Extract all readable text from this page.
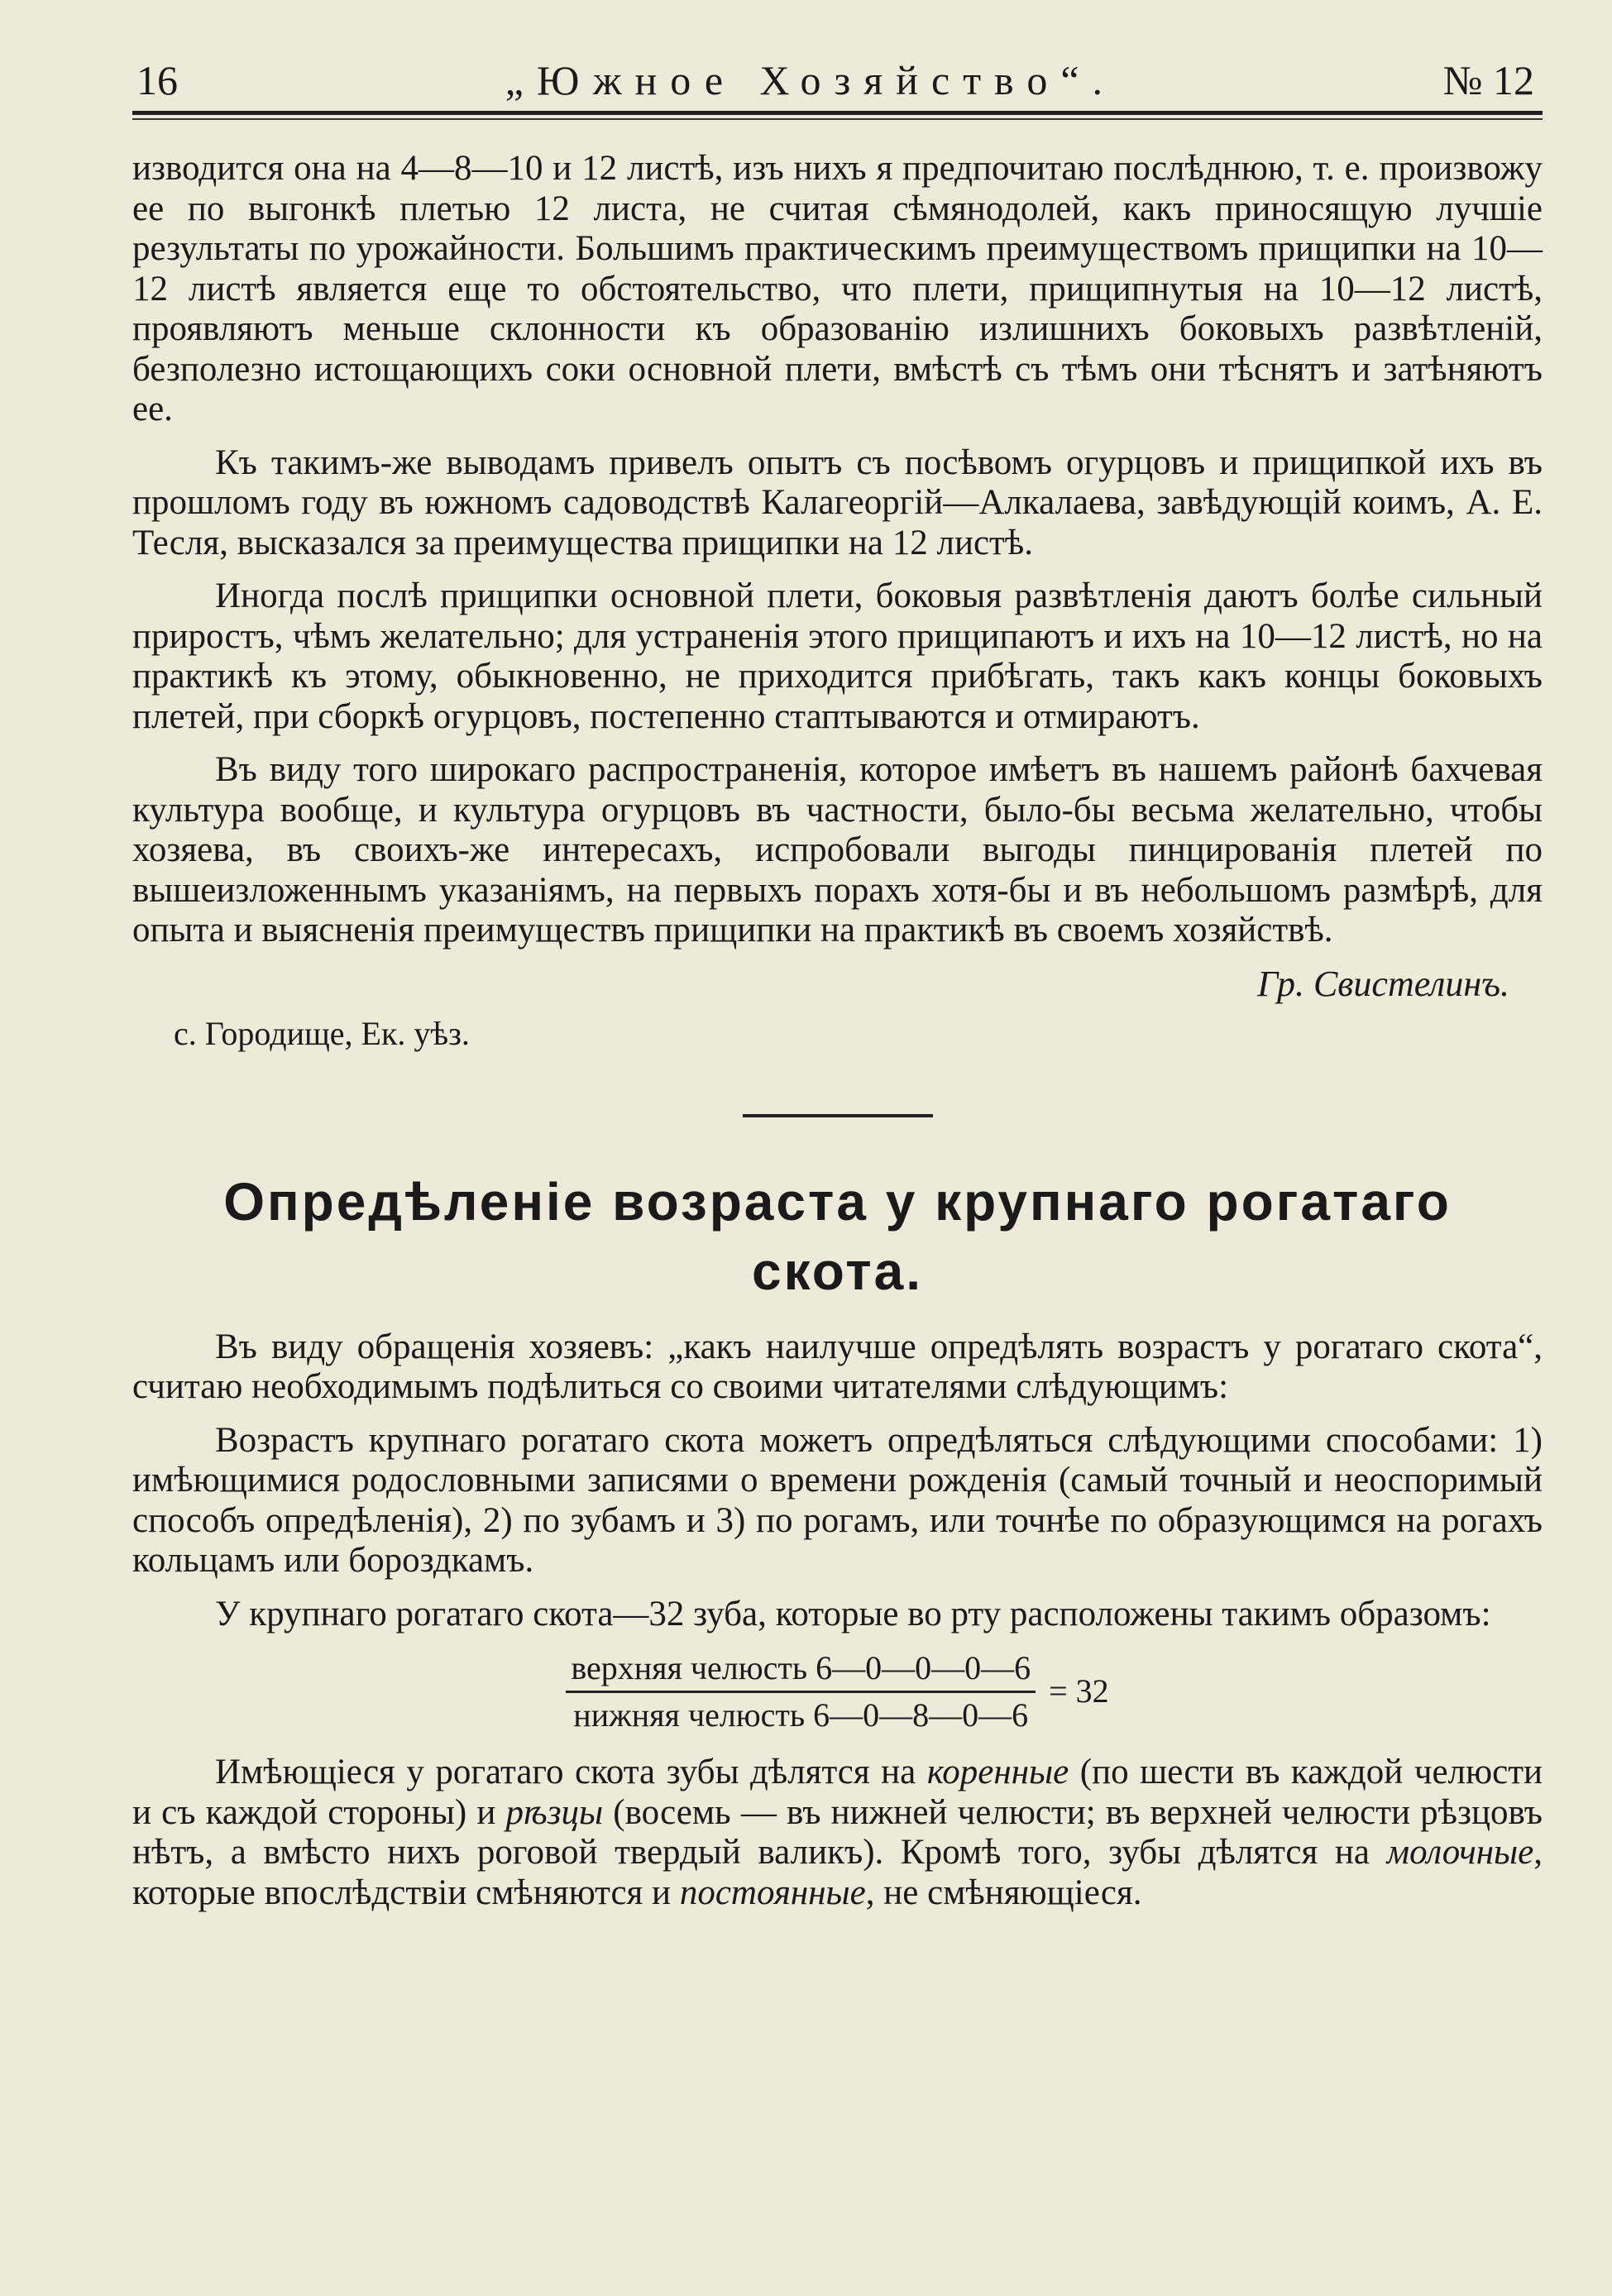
16	„Южное Хозяйство“.	№ 12

изводится она на 4—8—10 и 12 листѣ, изъ нихъ я предпочитаю послѣднюю, т. е. произвожу ее по выгонкѣ плетью 12 листа, не считая сѣмянодолей, какъ приносящую лучшіе результаты по урожайности. Большимъ практическимъ преимуществомъ прищипки на 10—12 листѣ является еще то обстоятельство, что плети, прищипнутыя на 10—12 листѣ, проявляютъ меньше склонности къ образованію излишнихъ боковыхъ развѣтленій, безполезно истощающихъ соки основной плети, вмѣстѣ съ тѣмъ они тѣснятъ и затѣняютъ ее.

Къ такимъ-же выводамъ привелъ опытъ съ посѣвомъ огурцовъ и прищипкой ихъ въ прошломъ году въ южномъ садоводствѣ Калагеоргій—Алкалаева, завѣдующій коимъ, А. Е. Тесля, высказался за преимущества прищипки на 12 листѣ.

Иногда послѣ прищипки основной плети, боковыя развѣтленія даютъ болѣе сильный приростъ, чѣмъ желательно; для устраненія этого прищипаютъ и ихъ на 10—12 листѣ, но на практикѣ къ этому, обыкновенно, не приходится прибѣгать, такъ какъ концы боковыхъ плетей, при сборкѣ огурцовъ, постепенно стаптываются и отмираютъ.

Въ виду того широкаго распространенія, которое имѣетъ въ нашемъ районѣ бахчевая культура вообще, и культура огурцовъ въ частности, было-бы весьма желательно, чтобы хозяева, въ своихъ-же интересахъ, испробовали выгоды пинцированія плетей по вышеизложеннымъ указаніямъ, на первыхъ порахъ хотя-бы и въ небольшомъ размѣрѣ, для опыта и выясненія преимуществъ прищипки на практикѣ въ своемъ хозяйствѣ.

Гр. Свистелинъ.
с. Городище, Ек. уѣз.
Опредѣленіе возраста у крупнаго рогатаго скота.

Въ виду обращенія хозяевъ: „какъ наилучше опредѣлять возрастъ у рогатаго скота“, считаю необходимымъ подѣлиться со своими читателями слѣдующимъ:

Возрастъ крупнаго рогатаго скота можетъ опредѣляться слѣдующими способами: 1) имѣющимися родословными записями о времени рожденія (самый точный и неоспоримый способъ опредѣленія), 2) по зубамъ и 3) по рогамъ, или точнѣе по образующимся на рогахъ кольцамъ или бороздкамъ.

У крупнаго рогатаго скота—32 зуба, которые во рту расположены такимъ образомъ:

$\frac{\text{верхняя челюсть 6—0—0—0—6}}{\text{нижняя челюсть 6—0—8—0—6}} = 32$

Имѣющіеся у рогатаго скота зубы дѣлятся на коренные (по шести въ каждой челюсти и съ каждой стороны) и рѣзцы (восемь — въ нижней челюсти; въ верхней челюсти рѣзцовъ нѣтъ, а вмѣсто нихъ роговой твердый валикъ). Кромѣ того, зубы дѣлятся на молочные, которые впослѣдствіи смѣняются и постоянные, не смѣняющіеся.
